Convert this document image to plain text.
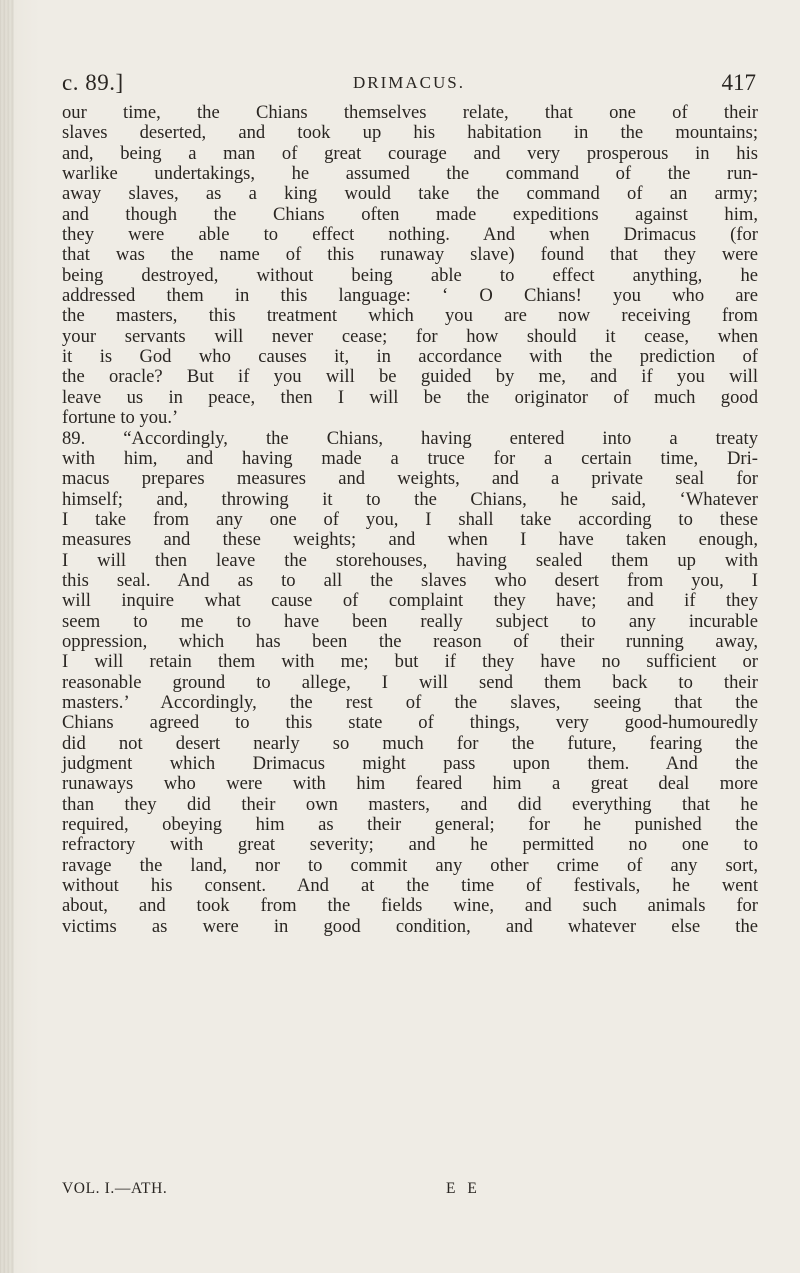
c. 89.]	DRIMACUS.	417
our time, the Chians themselves relate, that one of their
slaves deserted, and took up his habitation in the mountains;
and, being a man of great courage and very prosperous in his
warlike undertakings, he assumed the command of the run-
away slaves, as a king would take the command of an army;
and though the Chians often made expeditions against him,
they were able to effect nothing. And when Drimacus (for
that was the name of this runaway slave) found that they were
being destroyed, without being able to effect anything, he
addressed them in this language: ‘ O Chians! you who are
the masters, this treatment which you are now receiving from
your servants will never cease; for how should it cease, when
it is God who causes it, in accordance with the prediction of
the oracle? But if you will be guided by me, and if you will
leave us in peace, then I will be the originator of much good
fortune to you.’
89. “Accordingly, the Chians, having entered into a treaty
with him, and having made a truce for a certain time, Dri-
macus prepares measures and weights, and a private seal for
himself; and, throwing it to the Chians, he said, ‘Whatever
I take from any one of you, I shall take according to these
measures and these weights; and when I have taken enough,
I will then leave the storehouses, having sealed them up with
this seal. And as to all the slaves who desert from you, I
will inquire what cause of complaint they have; and if they
seem to me to have been really subject to any incurable
oppression, which has been the reason of their running away,
I will retain them with me; but if they have no sufficient or
reasonable ground to allege, I will send them back to their
masters.’ Accordingly, the rest of the slaves, seeing that the
Chians agreed to this state of things, very good-humouredly
did not desert nearly so much for the future, fearing the
judgment which Drimacus might pass upon them. And the
runaways who were with him feared him a great deal more
than they did their own masters, and did everything that he
required, obeying him as their general; for he punished the
refractory with great severity; and he permitted no one to
ravage the land, nor to commit any other crime of any sort,
without his consent. And at the time of festivals, he went
about, and took from the fields wine, and such animals for
victims as were in good condition, and whatever else the
VOL. I.—ATH.	E E
